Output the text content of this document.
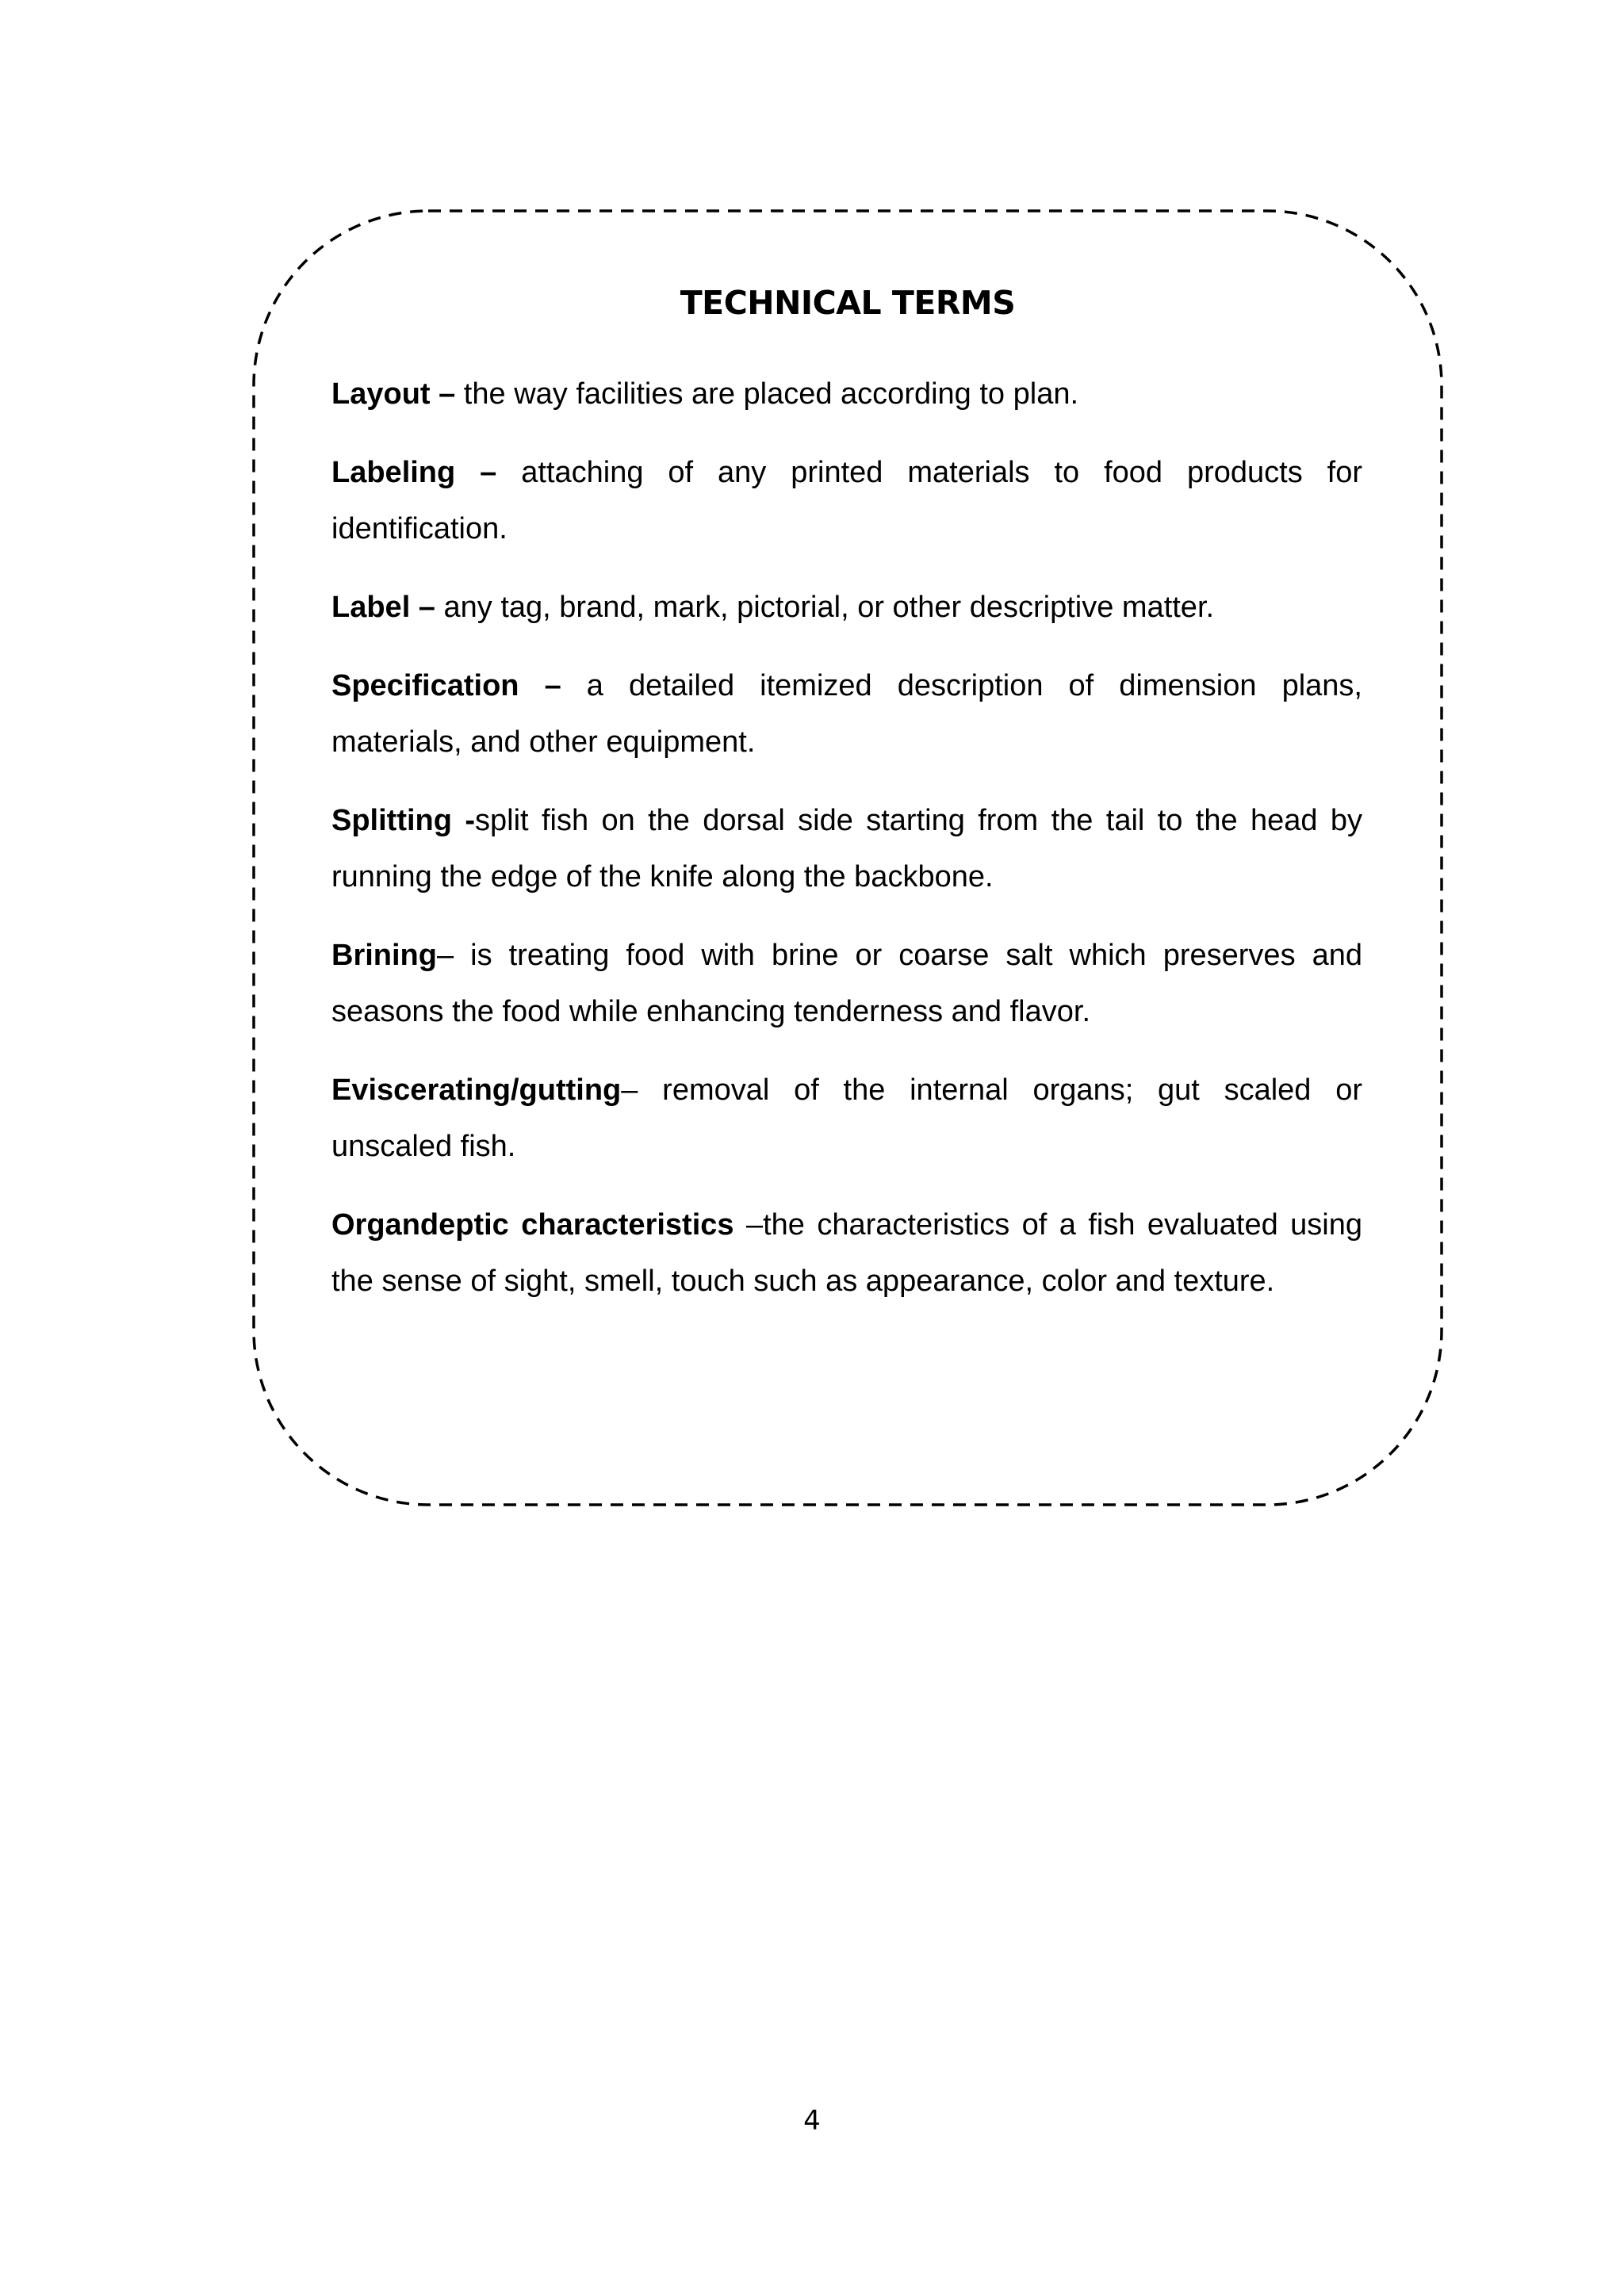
TECHNICAL TERMS
Layout – the way facilities are placed according to plan.
Labeling – attaching of any printed materials to food products for identification.
Label – any tag, brand, mark, pictorial, or other descriptive matter.
Specification – a detailed itemized description of dimension plans, materials, and other equipment.
Splitting -split fish on the dorsal side starting from the tail to the head by running the edge of the knife along the backbone.
Brining– is treating food with brine or coarse salt which preserves and seasons the food while enhancing tenderness and flavor.
Eviscerating/gutting– removal of the internal organs; gut scaled or unscaled fish.
Organdeptic characteristics –the characteristics of a fish evaluated using the sense of sight, smell, touch such as appearance, color and texture.
4
